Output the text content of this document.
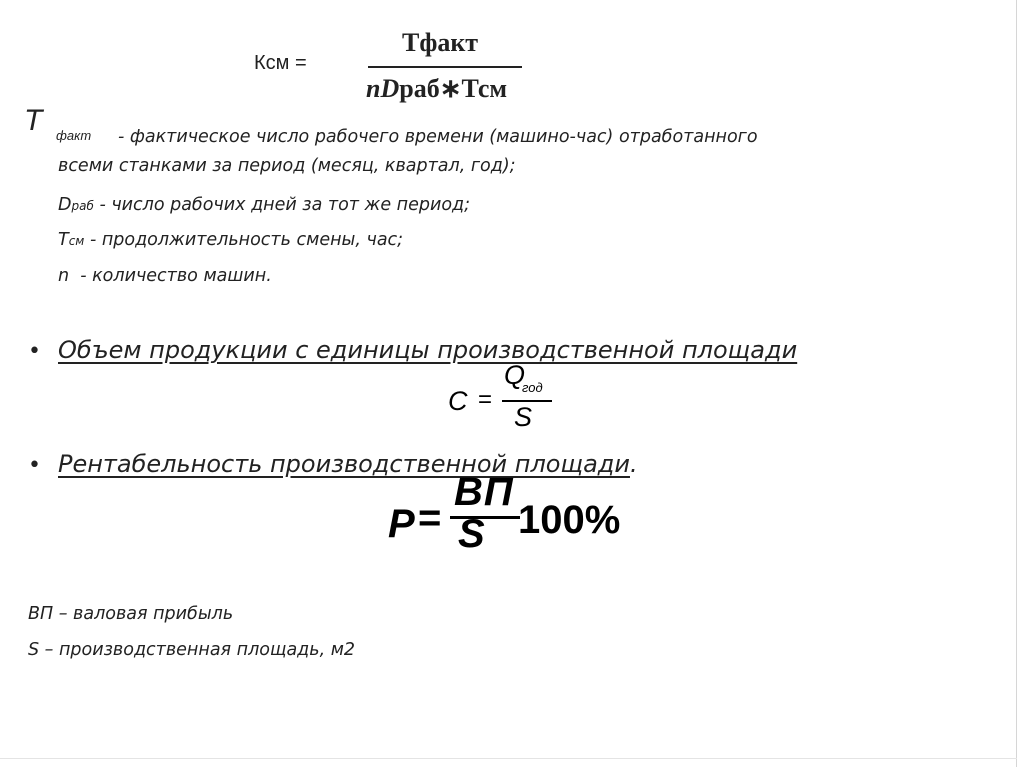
Ксм =
Тфакт
nDраб∗Тсм
Т факт - фактическое число рабочего времени (машино-час) отработанного
всеми станками за период (месяц, квартал, год);
Dраб - число рабочих дней за тот же период;
Тсм - продолжительность смены, час;
n - количество машин.
• Объем продукции с единицы производственной площади
C =
Q
год
S
• Рентабельность производственной площади.
P =
ВП
S 100%
ВП – валовая прибыль
S – производственная площадь, м2
